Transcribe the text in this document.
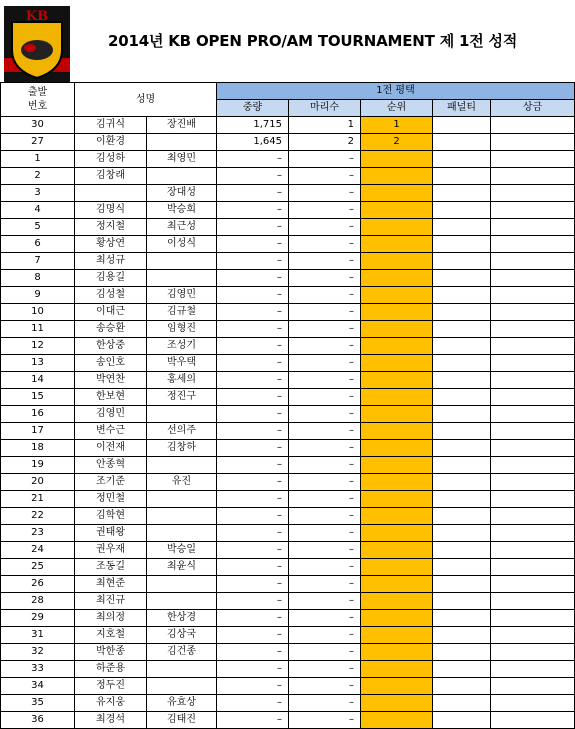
KB
2014년 KB OPEN PRO/AM TOURNAMENT 제 1전 성적
출발
번호	성명		1전 평택				
			중량	마리수	순위	패널티	상금
30	김귀식	장진배	1,715	1	1		
27	이환경		1,645	2	2		
1	김성하	최영민	–	–			
2	김창래		–	–			
3		장대성	–	–			
4	김명식	박승희	–	–			
5	정지철	최근성	–	–			
6	황상연	이성식	–	–			
7	최성규		–	–			
8	김용길		–	–			
9	김성철	김영민	–	–			
10	이대근	김규철	–	–			
11	송승환	임형진	–	–			
12	한상중	조성기	–	–			
13	송인호	박우택	–	–			
14	박연찬	홍세의	–	–			
15	한보현	정진구	–	–			
16	김영민		–	–			
17	변수근	선의주	–	–			
18	이전재	김창하	–	–			
19	안종혁		–	–			
20	조기준	유진	–	–			
21	정민철		–	–			
22	김학현		–	–			
23	권태왕		–	–			
24	권우재	박승일	–	–			
25	조동길	최윤식	–	–			
26	최현준		–	–			
28	최진규		–	–			
29	최의정	한상경	–	–			
31	지호철	김상국	–	–			
32	박한종	김건종	–	–			
33	하준용		–	–			
34	정두진		–	–			
35	유지웅	유효상	–	–			
36	최경석	김태진	–	–			
